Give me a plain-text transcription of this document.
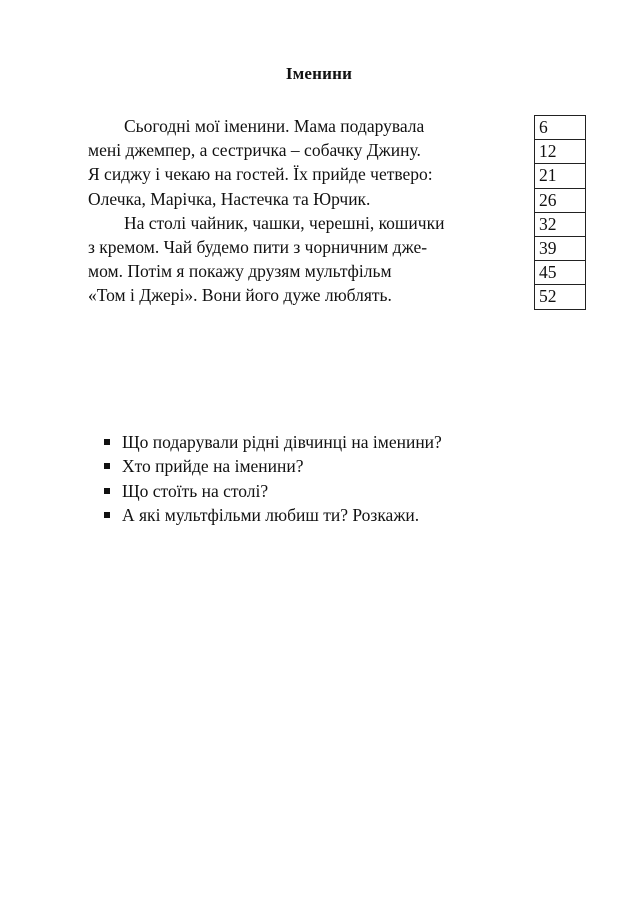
Іменини
Сьогодні мої іменини. Мама подарувала
мені джемпер, а сестричка – собачку Джину.
Я сиджу і чекаю на гостей. Їх прийде четверо:
Олечка, Марічка, Настечка та Юрчик.
На столі чайник, чашки, черешні, кошички
з кремом. Чай будемо пити з чорничним дже-
мом. Потім я покажу друзям мультфільм
«Том і Джері». Вони його дуже люблять.
6
12
21
26
32
39
45
52
Що подарували рідні дівчинці на іменини?
Хто прийде на іменини?
Що стоїть на столі?
А які мультфільми любиш ти? Розкажи.
